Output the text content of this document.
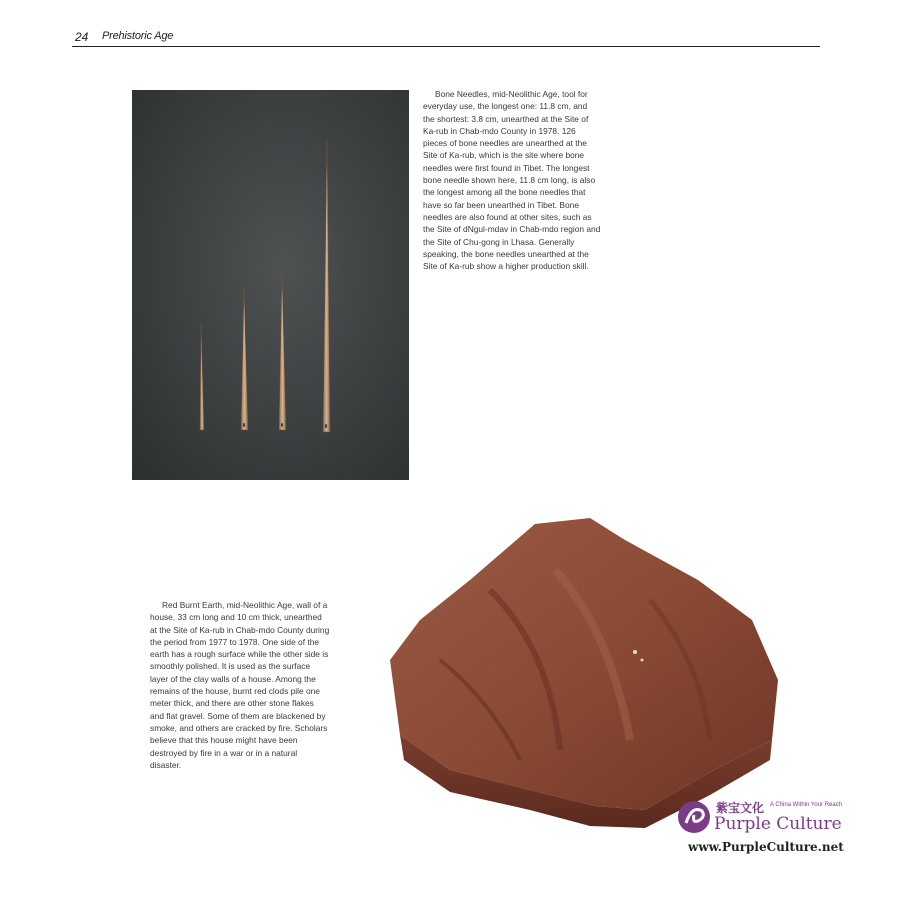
24 Prehistoric Age

Bone Needles, mid-Neolithic Age, tool for everyday use, the longest one: 11.8 cm, and the shortest: 3.8 cm, unearthed at the Site of Ka-rub in Chab-mdo County in 1978. 126 pieces of bone needles are unearthed at the Site of Ka-rub, which is the site where bone needles were first found in Tibet. The longest bone needle shown here, 11.8 cm long, is also the longest among all the bone needles that have so far been unearthed in Tibet. Bone needles are also found at other sites, such as the Site of dNgul-mdav in Chab-mdo region and the Site of Chu-gong in Lhasa. Generally speaking, the bone needles unearthed at the Site of Ka-rub show a higher production skill.

Red Burnt Earth, mid-Neolithic Age, wall of a house, 33 cm long and 10 cm thick, unearthed at the Site of Ka-rub in Chab-mdo County during the period from 1977 to 1978. One side of the earth has a rough surface while the other side is smoothly polished. It is used as the surface layer of the clay walls of a house. Among the remains of the house, burnt red clods pile one meter thick, and there are other stone flakes and flat gravel. Some of them are blackened by smoke, and others are cracked by fire. Scholars believe that this house might have been destroyed by fire in a war or in a natural disaster.

紫宝文化 A China Within Your Reach
Purple Culture
www.PurpleCulture.net
